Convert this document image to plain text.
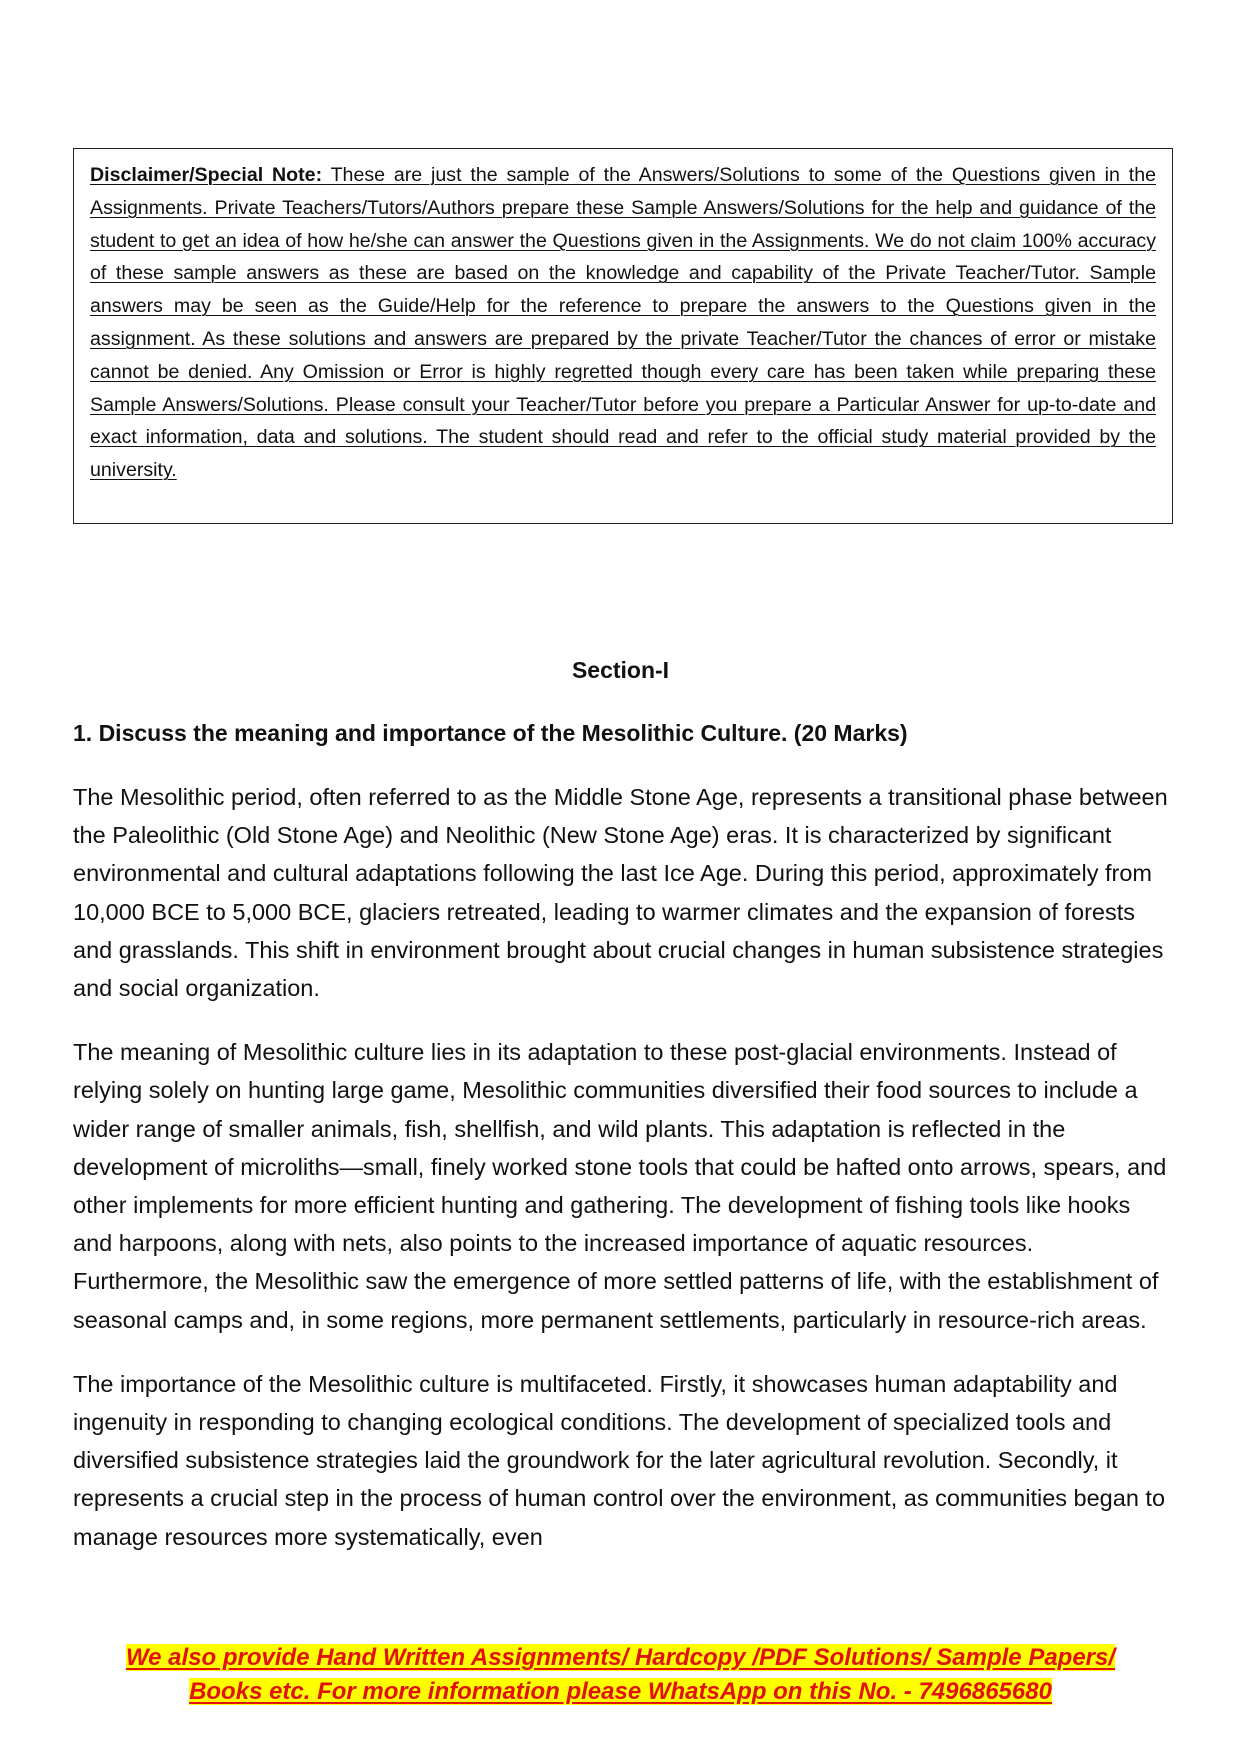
Disclaimer/Special Note: These are just the sample of the Answers/Solutions to some of the Questions given in the Assignments. Private Teachers/Tutors/Authors prepare these Sample Answers/Solutions for the help and guidance of the student to get an idea of how he/she can answer the Questions given in the Assignments. We do not claim 100% accuracy of these sample answers as these are based on the knowledge and capability of the Private Teacher/Tutor. Sample answers may be seen as the Guide/Help for the reference to prepare the answers to the Questions given in the assignment. As these solutions and answers are prepared by the private Teacher/Tutor the chances of error or mistake cannot be denied. Any Omission or Error is highly regretted though every care has been taken while preparing these Sample Answers/Solutions. Please consult your Teacher/Tutor before you prepare a Particular Answer for up-to-date and exact information, data and solutions. The student should read and refer to the official study material provided by the university.

Section-I
1. Discuss the meaning and importance of the Mesolithic Culture. (20 Marks)

The Mesolithic period, often referred to as the Middle Stone Age, represents a transitional phase between the Paleolithic (Old Stone Age) and Neolithic (New Stone Age) eras. It is characterized by significant environmental and cultural adaptations following the last Ice Age. During this period, approximately from 10,000 BCE to 5,000 BCE, glaciers retreated, leading to warmer climates and the expansion of forests and grasslands. This shift in environment brought about crucial changes in human subsistence strategies and social organization.

The meaning of Mesolithic culture lies in its adaptation to these post-glacial environments. Instead of relying solely on hunting large game, Mesolithic communities diversified their food sources to include a wider range of smaller animals, fish, shellfish, and wild plants. This adaptation is reflected in the development of microliths—small, finely worked stone tools that could be hafted onto arrows, spears, and other implements for more efficient hunting and gathering. The development of fishing tools like hooks and harpoons, along with nets, also points to the increased importance of aquatic resources. Furthermore, the Mesolithic saw the emergence of more settled patterns of life, with the establishment of seasonal camps and, in some regions, more permanent settlements, particularly in resource-rich areas.

The importance of the Mesolithic culture is multifaceted. Firstly, it showcases human adaptability and ingenuity in responding to changing ecological conditions. The development of specialized tools and diversified subsistence strategies laid the groundwork for the later agricultural revolution. Secondly, it represents a crucial step in the process of human control over the environment, as communities began to manage resources more systematically, even

We also provide Hand Written Assignments/ Hardcopy /PDF Solutions/ Sample Papers/
Books etc. For more information please WhatsApp on this No. - 7496865680
